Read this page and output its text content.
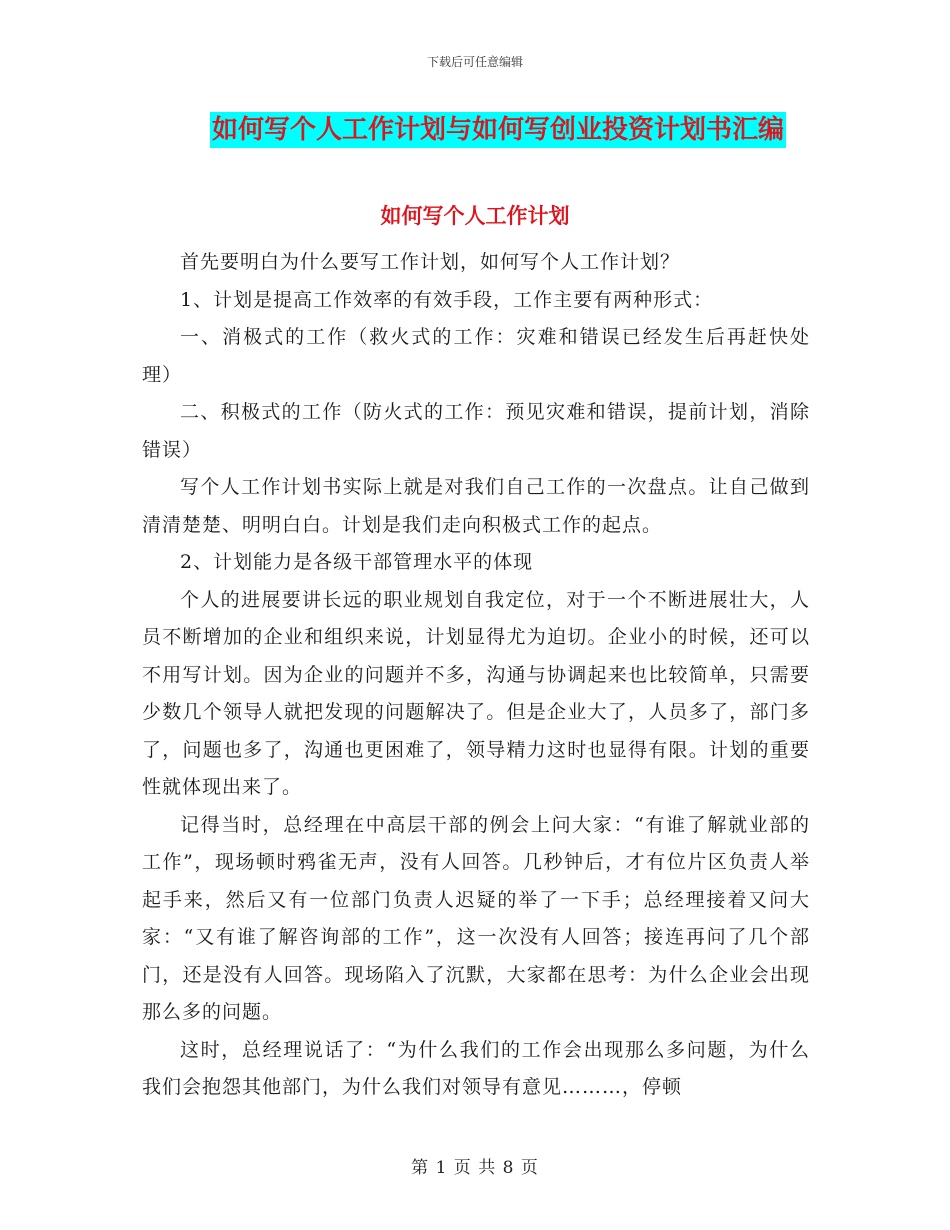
下载后可任意编辑
如何写个人工作计划与如何写创业投资计划书汇编
如何写个人工作计划

首先要明白为什么要写工作计划，如何写个人工作计划？

1、计划是提高工作效率的有效手段，工作主要有两种形式：

一、消极式的工作（救火式的工作：灾难和错误已经发生后再赶快处理）

二、积极式的工作（防火式的工作：预见灾难和错误，提前计划，消除错误）

写个人工作计划书实际上就是对我们自己工作的一次盘点。让自己做到清清楚楚、明明白白。计划是我们走向积极式工作的起点。

2、计划能力是各级干部管理水平的体现

个人的进展要讲长远的职业规划自我定位，对于一个不断进展壮大，人员不断增加的企业和组织来说，计划显得尤为迫切。企业小的时候，还可以不用写计划。因为企业的问题并不多，沟通与协调起来也比较简单，只需要少数几个领导人就把发现的问题解决了。但是企业大了，人员多了，部门多了，问题也多了，沟通也更困难了，领导精力这时也显得有限。计划的重要性就体现出来了。

记得当时，总经理在中高层干部的例会上问大家：“有谁了解就业部的工作”，现场顿时鸦雀无声，没有人回答。几秒钟后，才有位片区负责人举起手来，然后又有一位部门负责人迟疑的举了一下手；总经理接着又问大家：“又有谁了解咨询部的工作”，这一次没有人回答；接连再问了几个部门，还是没有人回答。现场陷入了沉默，大家都在思考：为什么企业会出现那么多的问题。

这时，总经理说话了：“为什么我们的工作会出现那么多问题，为什么我们会抱怨其他部门，为什么我们对领导有意见………，停顿

第 1 页 共 8 页
